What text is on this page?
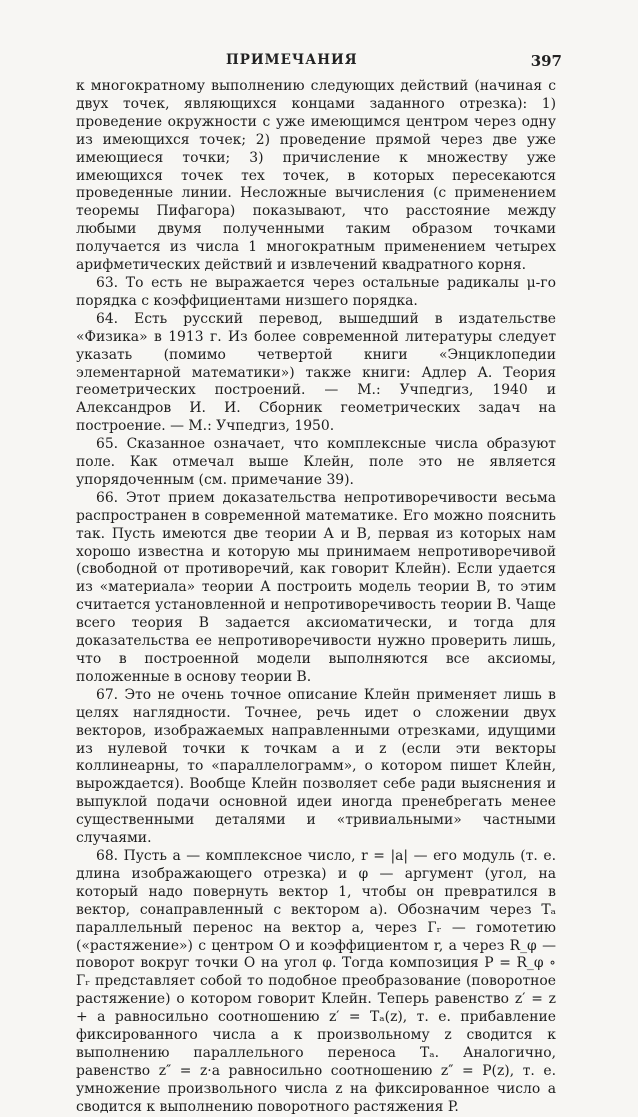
ПРИМЕЧАНИЯ	397

к многократному выполнению следующих действий (начиная с двух точек, являющихся концами заданного отрезка): 1) проведение окружности с уже имеющимся центром через одну из имеющихся точек; 2) проведение прямой через две уже имеющиеся точки; 3) причисление к множеству уже имеющихся точек тех точек, в которых пересекаются проведенные линии. Несложные вычисления (с применением теоремы Пифагора) показывают, что расстояние между любыми двумя полученными таким образом точками получается из числа 1 многократным применением четырех арифметических действий и извлечений квадратного корня.

63. То есть не выражается через остальные радикалы μ-го порядка с коэффициентами низшего порядка.

64. Есть русский перевод, вышедший в издательстве «Физика» в 1913 г. Из более современной литературы следует указать (помимо четвертой книги «Энциклопедии элементарной математики») также книги: Адлер А. Теория геометрических построений. — М.: Учпедгиз, 1940 и Александров И. И. Сборник геометрических задач на построение. — М.: Учпедгиз, 1950.

65. Сказанное означает, что комплексные числа образуют поле. Как отмечал выше Клейн, поле это не является упорядоченным (см. примечание 39).

66. Этот прием доказательства непротиворечивости весьма распространен в современной математике. Его можно пояснить так. Пусть имеются две теории A и B, первая из которых нам хорошо известна и которую мы принимаем непротиворечивой (свободной от противоречий, как говорит Клейн). Если удается из «материала» теории A построить модель теории B, то этим считается установленной и непротиворечивость теории B. Чаще всего теория B задается аксиоматически, и тогда для доказательства ее непротиворечивости нужно проверить лишь, что в построенной модели выполняются все аксиомы, положенные в основу теории B.

67. Это не очень точное описание Клейн применяет лишь в целях наглядности. Точнее, речь идет о сложении двух векторов, изображаемых направленными отрезками, идущими из нулевой точки к точкам a и z (если эти векторы коллинеарны, то «параллелограмм», о котором пишет Клейн, вырождается). Вообще Клейн позволяет себе ради выяснения и выпуклой подачи основной идеи иногда пренебрегать менее существенными деталями и «тривиальными» частными случаями.

68. Пусть a — комплексное число, r = |a| — его модуль (т. е. длина изображающего отрезка) и φ — аргумент (угол, на который надо повернуть вектор 1, чтобы он превратился в вектор, сонаправленный с вектором a). Обозначим через Tₐ параллельный перенос на вектор a, через Гᵣ — гомотетию («растяжение») с центром O и коэффициентом r, а через R_φ — поворот вокруг точки O на угол φ. Тогда композиция P = R_φ ∘ Гᵣ представляет собой то подобное преобразование (поворотное растяжение) о котором говорит Клейн. Теперь равенство z′ = z + a равносильно соотношению z′ = Tₐ(z), т. е. прибавление фиксированного числа a к произвольному z сводится к выполнению параллельного переноса Tₐ. Аналогично, равенство z″ = z·a равносильно соотношению z″ = P(z), т. е. умножение произвольного числа z на фиксированное число a сводится к выполнению поворотного растяжения P.
